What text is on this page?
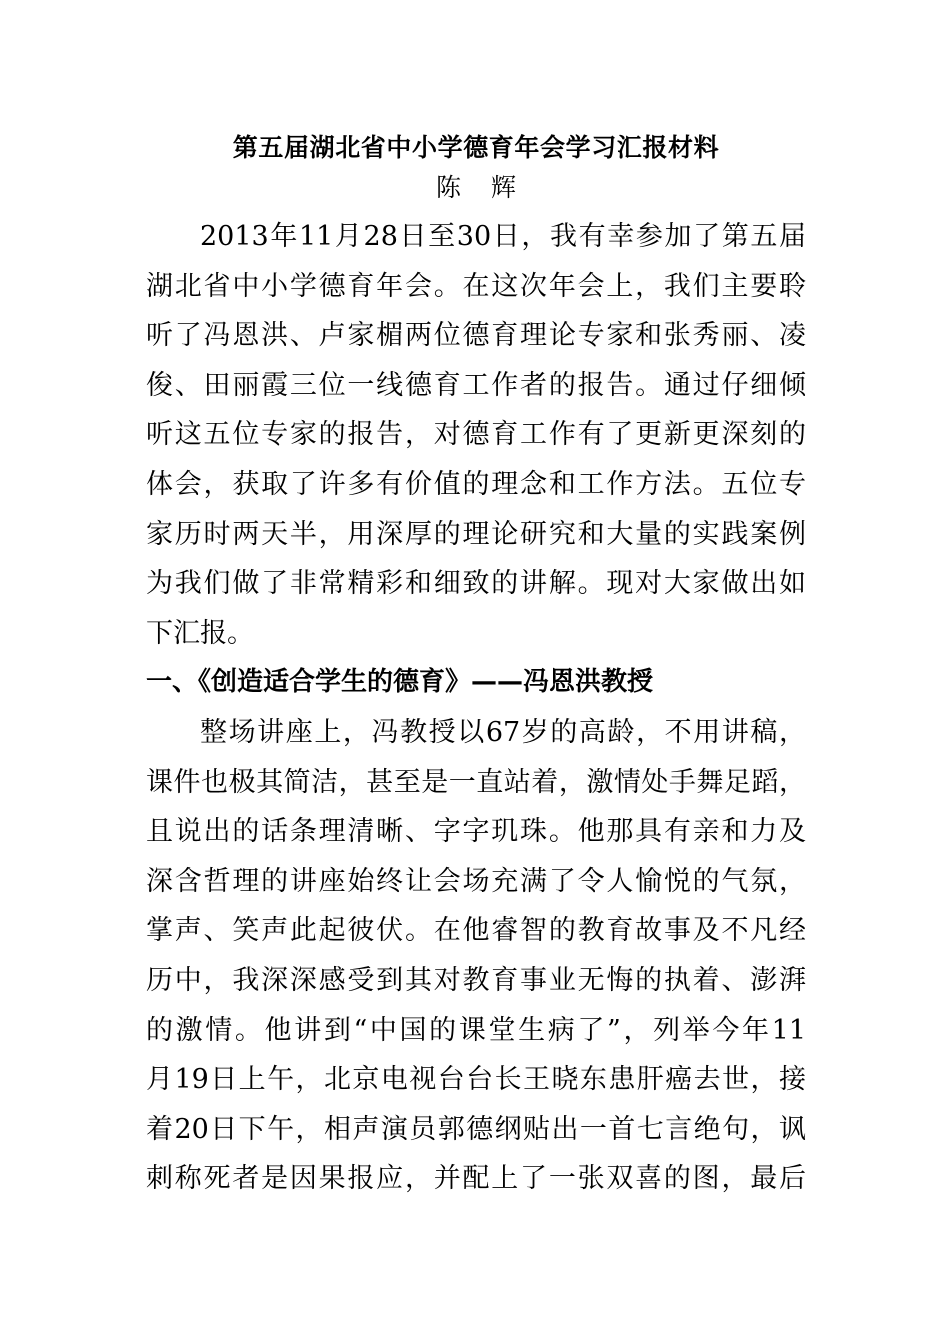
第五届湖北省中小学德育年会学习汇报材料
陈 辉
2013年11月28日至30日，我有幸参加了第五届
湖北省中小学德育年会。在这次年会上，我们主要聆
听了冯恩洪、卢家楣两位德育理论专家和张秀丽、凌
俊、田丽霞三位一线德育工作者的报告。通过仔细倾
听这五位专家的报告，对德育工作有了更新更深刻的
体会，获取了许多有价值的理念和工作方法。五位专
家历时两天半，用深厚的理论研究和大量的实践案例
为我们做了非常精彩和细致的讲解。现对大家做出如
下汇报。
一、《创造适合学生的德育》——冯恩洪教授
整场讲座上，冯教授以67岁的高龄，不用讲稿，
课件也极其简洁，甚至是一直站着，激情处手舞足蹈，
且说出的话条理清晰、字字玑珠。他那具有亲和力及
深含哲理的讲座始终让会场充满了令人愉悦的气氛，
掌声、笑声此起彼伏。在他睿智的教育故事及不凡经
历中，我深深感受到其对教育事业无悔的执着、澎湃
的激情。他讲到“中国的课堂生病了”，列举今年11
月19日上午，北京电视台台长王晓东患肝癌去世，接
着20日下午，相声演员郭德纲贴出一首七言绝句，讽
刺称死者是因果报应，并配上了一张双喜的图，最后
